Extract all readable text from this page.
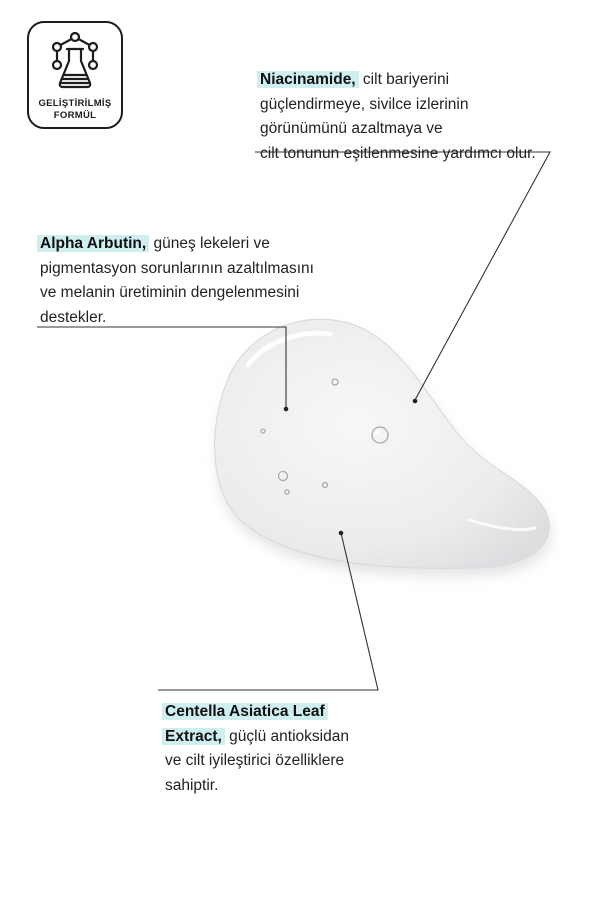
GELİŞTİRİLMİŞ
FORMÜL
Niacinamide, cilt bariyerini
güçlendirmeye, sivilce izlerinin
görünümünü azaltmaya ve
cilt tonunun eşitlenmesine yardımcı olur.
Alpha Arbutin, güneş lekeleri ve
pigmentasyon sorunlarının azaltılmasını
ve melanin üretiminin dengelenmesini
destekler.
Centella Asiatica Leaf
Extract, güçlü antioksidan
ve cilt iyileştirici özelliklere
sahiptir.
